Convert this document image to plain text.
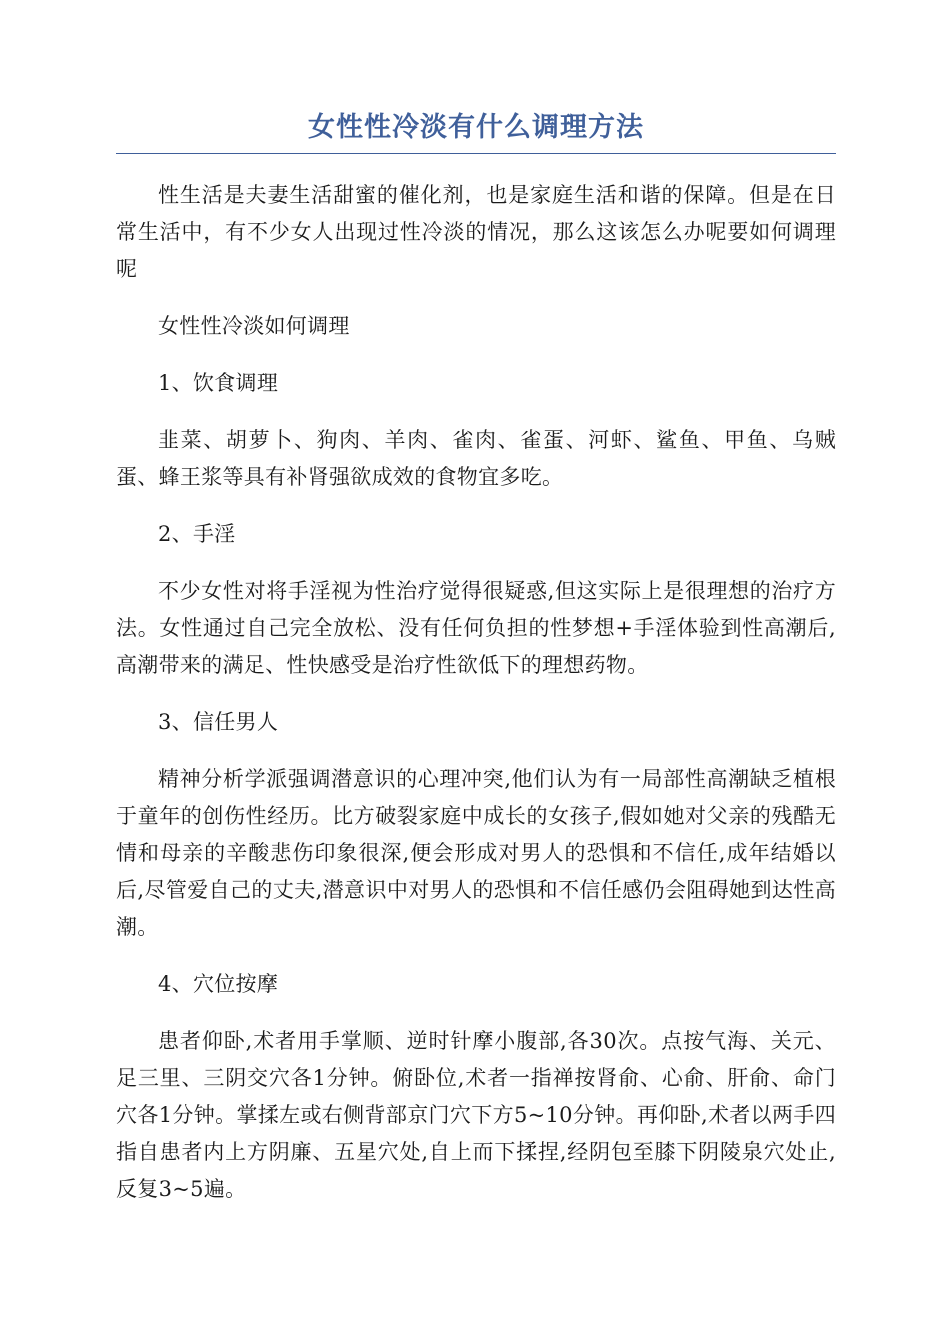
女性性冷淡有什么调理方法

性生活是夫妻生活甜蜜的催化剂，也是家庭生活和谐的保障。但是在日常生活中，有不少女人出现过性冷淡的情况，那么这该怎么办呢要如何调理呢

女性性冷淡如何调理

1、饮食调理

韭菜、胡萝卜、狗肉、羊肉、雀肉、雀蛋、河虾、鲨鱼、甲鱼、乌贼蛋、蜂王浆等具有补肾强欲成效的食物宜多吃。

2、手淫

不少女性对将手淫视为性治疗觉得很疑惑,但这实际上是很理想的治疗方法。女性通过自己完全放松、没有任何负担的性梦想+手淫体验到性高潮后,高潮带来的满足、性快感受是治疗性欲低下的理想药物。

3、信任男人

精神分析学派强调潜意识的心理冲突,他们认为有一局部性高潮缺乏植根于童年的创伤性经历。比方破裂家庭中成长的女孩子,假如她对父亲的残酷无情和母亲的辛酸悲伤印象很深,便会形成对男人的恐惧和不信任,成年结婚以后,尽管爱自己的丈夫,潜意识中对男人的恐惧和不信任感仍会阻碍她到达性高潮。

4、穴位按摩

患者仰卧,术者用手掌顺、逆时针摩小腹部,各30次。点按气海、关元、足三里、三阴交穴各1分钟。俯卧位,术者一指禅按肾俞、心俞、肝俞、命门穴各1分钟。掌揉左或右侧背部京门穴下方5~10分钟。再仰卧,术者以两手四指自患者内上方阴廉、五星穴处,自上而下揉捏,经阴包至膝下阴陵泉穴处止,反复3~5遍。
